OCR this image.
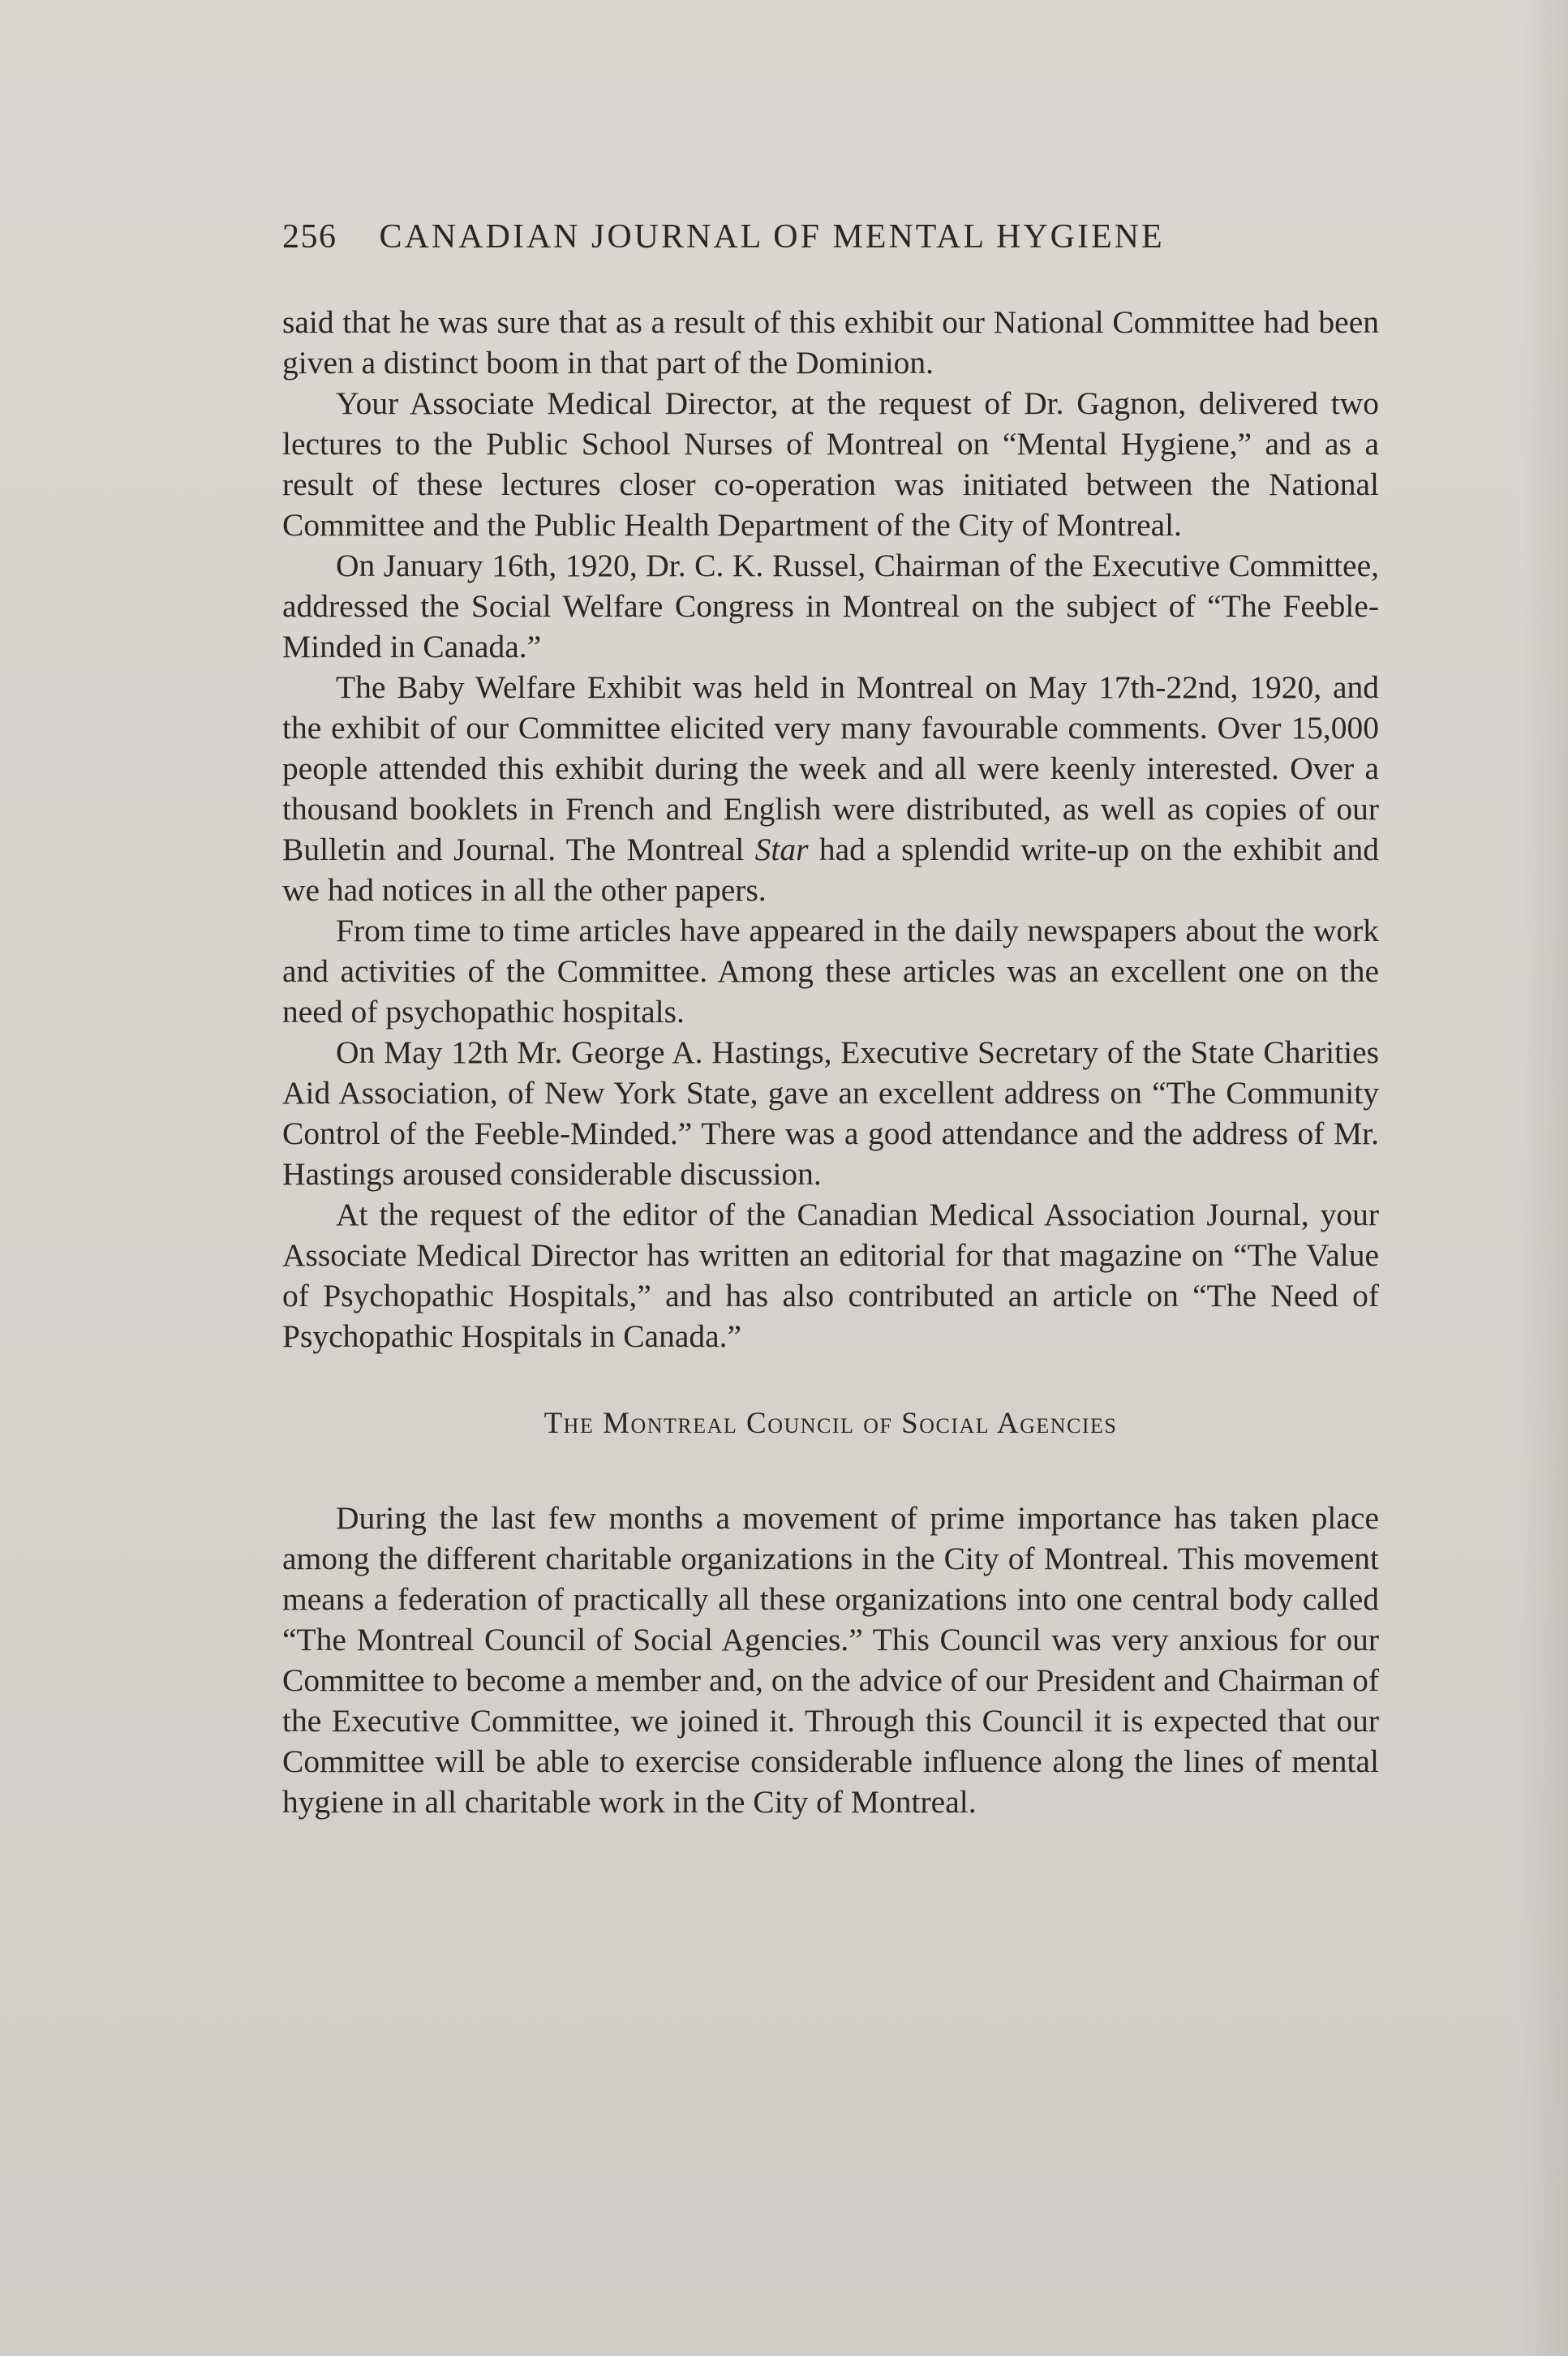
256 CANADIAN JOURNAL OF MENTAL HYGIENE

said that he was sure that as a result of this exhibit our National Committee had been given a distinct boom in that part of the Dominion.

Your Associate Medical Director, at the request of Dr. Gagnon, delivered two lectures to the Public School Nurses of Montreal on “Mental Hygiene,” and as a result of these lectures closer co-operation was initiated between the National Committee and the Public Health Department of the City of Montreal.

On January 16th, 1920, Dr. C. K. Russel, Chairman of the Executive Committee, addressed the Social Welfare Congress in Montreal on the subject of “The Feeble-Minded in Canada.”

The Baby Welfare Exhibit was held in Montreal on May 17th-22nd, 1920, and the exhibit of our Committee elicited very many favourable comments. Over 15,000 people attended this exhibit during the week and all were keenly interested. Over a thousand booklets in French and English were distributed, as well as copies of our Bulletin and Journal. The Montreal Star had a splendid write-up on the exhibit and we had notices in all the other papers.

From time to time articles have appeared in the daily newspapers about the work and activities of the Committee. Among these articles was an excellent one on the need of psychopathic hospitals.

On May 12th Mr. George A. Hastings, Executive Secretary of the State Charities Aid Association, of New York State, gave an excellent address on “The Community Control of the Feeble-Minded.” There was a good attendance and the address of Mr. Hastings aroused considerable discussion.

At the request of the editor of the Canadian Medical Association Journal, your Associate Medical Director has written an editorial for that magazine on “The Value of Psychopathic Hospitals,” and has also contributed an article on “The Need of Psychopathic Hospitals in Canada.”

The Montreal Council of Social Agencies

During the last few months a movement of prime importance has taken place among the different charitable organizations in the City of Montreal. This movement means a federation of practically all these organizations into one central body called “The Montreal Council of Social Agencies.” This Council was very anxious for our Committee to become a member and, on the advice of our President and Chairman of the Executive Committee, we joined it. Through this Council it is expected that our Committee will be able to exercise considerable influence along the lines of mental hygiene in all charitable work in the City of Montreal.
